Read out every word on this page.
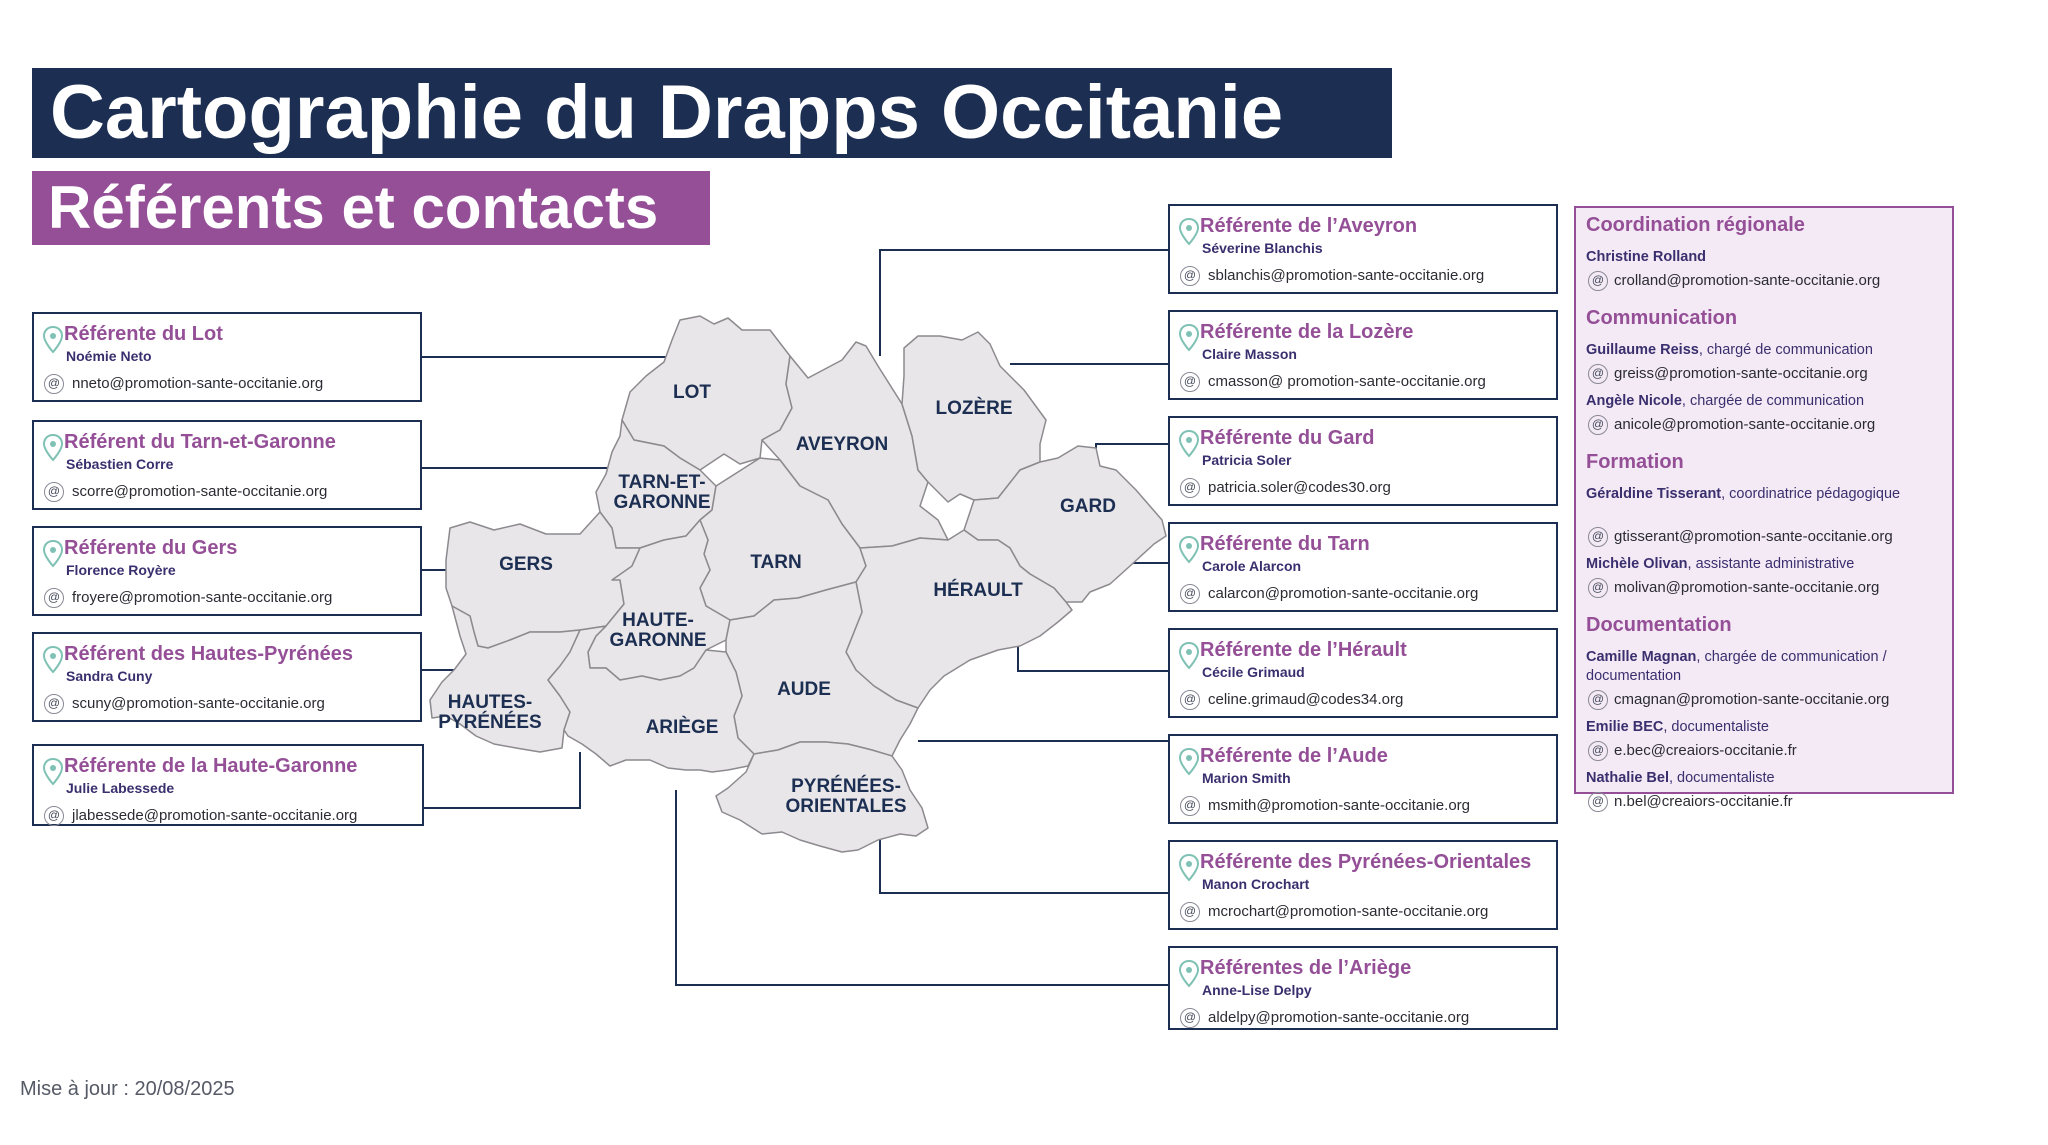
Cartographie du Drapps Occitanie
Référents et contacts
LOT
AVEYRON
LOZÈRE
GARD
TARN-ET-GARONNE
GERS	TARN
HÉRAULT
HAUTE-GARONNE
AUDE
HAUTES-PYRÉNÉES	ARIÈGE
PYRÉNÉES-ORIENTALES
Référente du Lot
Noémie Neto
@ nneto@promotion-sante-occitanie.org
Référent du Tarn-et-Garonne
Sébastien Corre
@ scorre@promotion-sante-occitanie.org
Référente du Gers
Florence Royère
@ froyere@promotion-sante-occitanie.org
Référent des Hautes-Pyrénées
Sandra Cuny
@ scuny@promotion-sante-occitanie.org
Référente de la Haute-Garonne
Julie Labessede
@ jlabessede@promotion-sante-occitanie.org
Référente de l’Aveyron
Séverine Blanchis
@ sblanchis@promotion-sante-occitanie.org
Référente de la Lozère
Claire Masson
@ cmasson@ promotion-sante-occitanie.org
Référente du Gard
Patricia Soler
@ patricia.soler@codes30.org
Référente du Tarn
Carole Alarcon
@ calarcon@promotion-sante-occitanie.org
Référente de l’Hérault
Cécile Grimaud
@ celine.grimaud@codes34.org
Référente de l’Aude
Marion Smith
@ msmith@promotion-sante-occitanie.org
Référente des Pyrénées-Orientales
Manon Crochart
@ mcrochart@promotion-sante-occitanie.org
Référentes de l’Ariège
Anne-Lise Delpy
@ aldelpy@promotion-sante-occitanie.org
Coordination régionale
Christine Rolland
@ crolland@promotion-sante-occitanie.org
Communication
Guillaume Reiss, chargé de communication
@ greiss@promotion-sante-occitanie.org
Angèle Nicole, chargée de communication
@ anicole@promotion-sante-occitanie.org
Formation
Géraldine Tisserant, coordinatrice pédagogique
@ gtisserant@promotion-sante-occitanie.org
Michèle Olivan, assistante administrative
@ molivan@promotion-sante-occitanie.org
Documentation
Camille Magnan, chargée de communication / documentation
@ cmagnan@promotion-sante-occitanie.org
Emilie BEC, documentaliste
@ e.bec@creaiors-occitanie.fr
Nathalie Bel, documentaliste
@ n.bel@creaiors-occitanie.fr
Mise à jour : 20/08/2025
